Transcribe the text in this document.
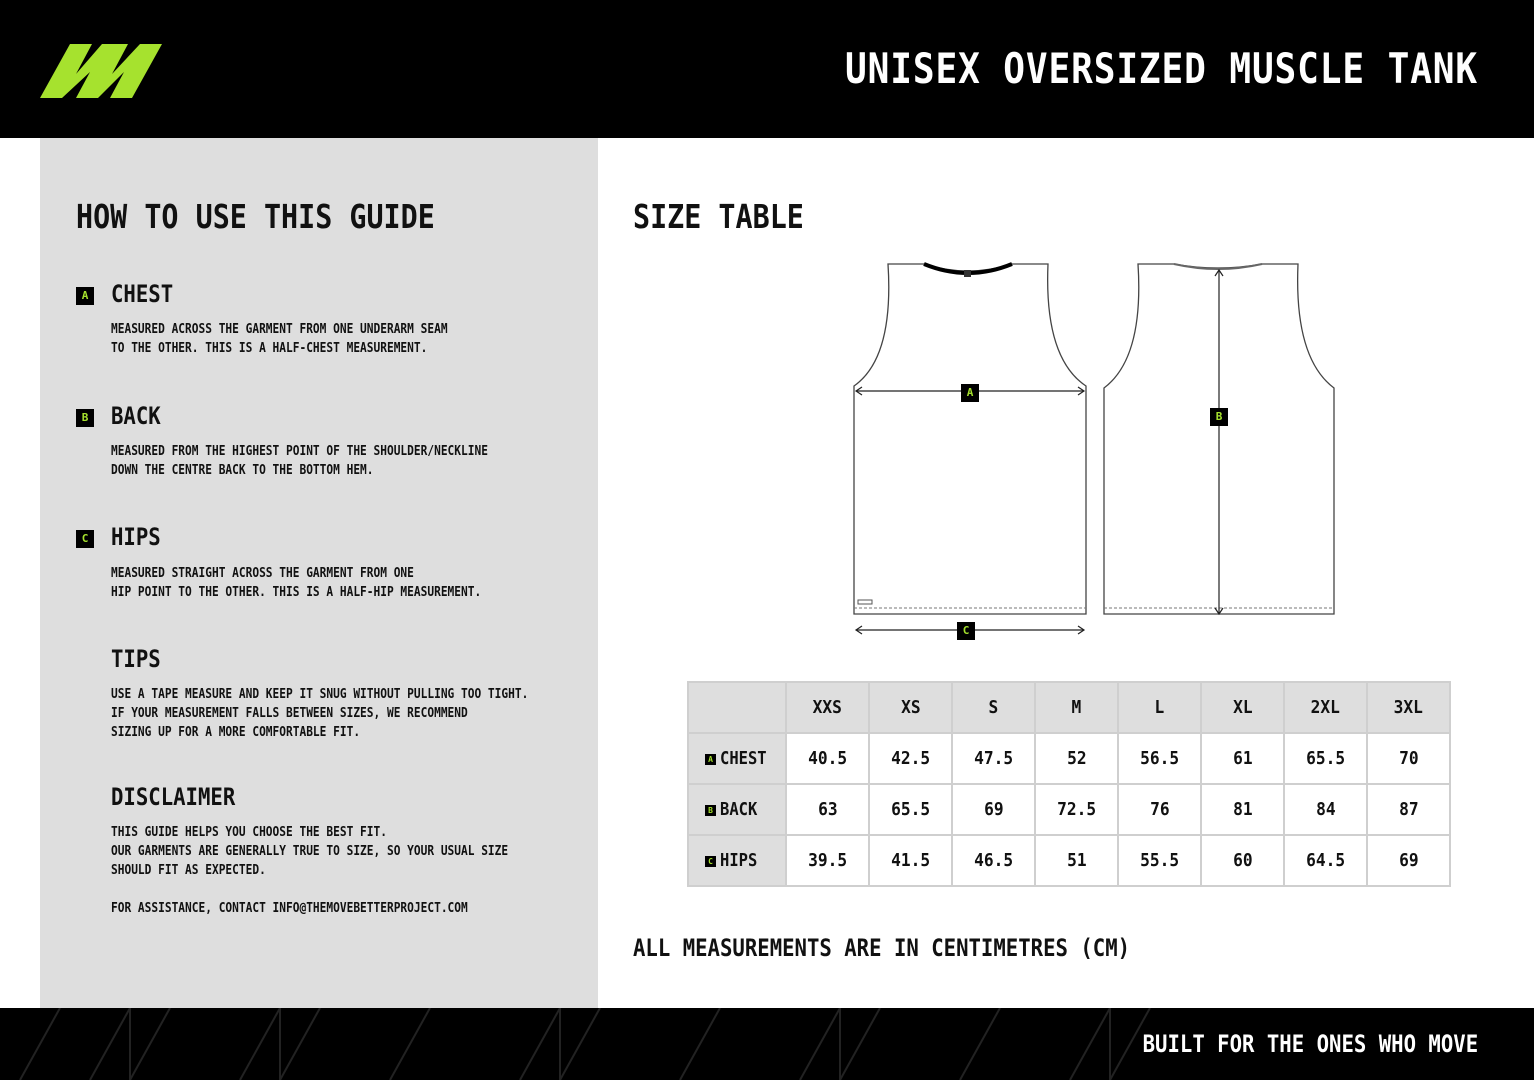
UNISEX OVERSIZED MUSCLE TANK
HOW TO USE THIS GUIDE
A CHEST
MEASURED ACROSS THE GARMENT FROM ONE UNDERARM SEAM
TO THE OTHER. THIS IS A HALF-CHEST MEASUREMENT.
B BACK
MEASURED FROM THE HIGHEST POINT OF THE SHOULDER/NECKLINE
DOWN THE CENTRE BACK TO THE BOTTOM HEM.
C HIPS
MEASURED STRAIGHT ACROSS THE GARMENT FROM ONE
HIP POINT TO THE OTHER. THIS IS A HALF-HIP MEASUREMENT.
TIPS
USE A TAPE MEASURE AND KEEP IT SNUG WITHOUT PULLING TOO TIGHT.
IF YOUR MEASUREMENT FALLS BETWEEN SIZES, WE RECOMMEND
SIZING UP FOR A MORE COMFORTABLE FIT.
DISCLAIMER
THIS GUIDE HELPS YOU CHOOSE THE BEST FIT.
OUR GARMENTS ARE GENERALLY TRUE TO SIZE, SO YOUR USUAL SIZE
SHOULD FIT AS EXPECTED.

FOR ASSISTANCE, CONTACT INFO@THEMOVEBETTERPROJECT.COM
SIZE TABLE
A
C
B
	XXS	XS	S	M	L	XL	2XL	3XL
A CHEST	40.5	42.5	47.5	52	56.5	61	65.5	70
B BACK	63	65.5	69	72.5	76	81	84	87
C HIPS	39.5	41.5	46.5	51	55.5	60	64.5	69
ALL MEASUREMENTS ARE IN CENTIMETRES (CM)
BUILT FOR THE ONES WHO MOVE
